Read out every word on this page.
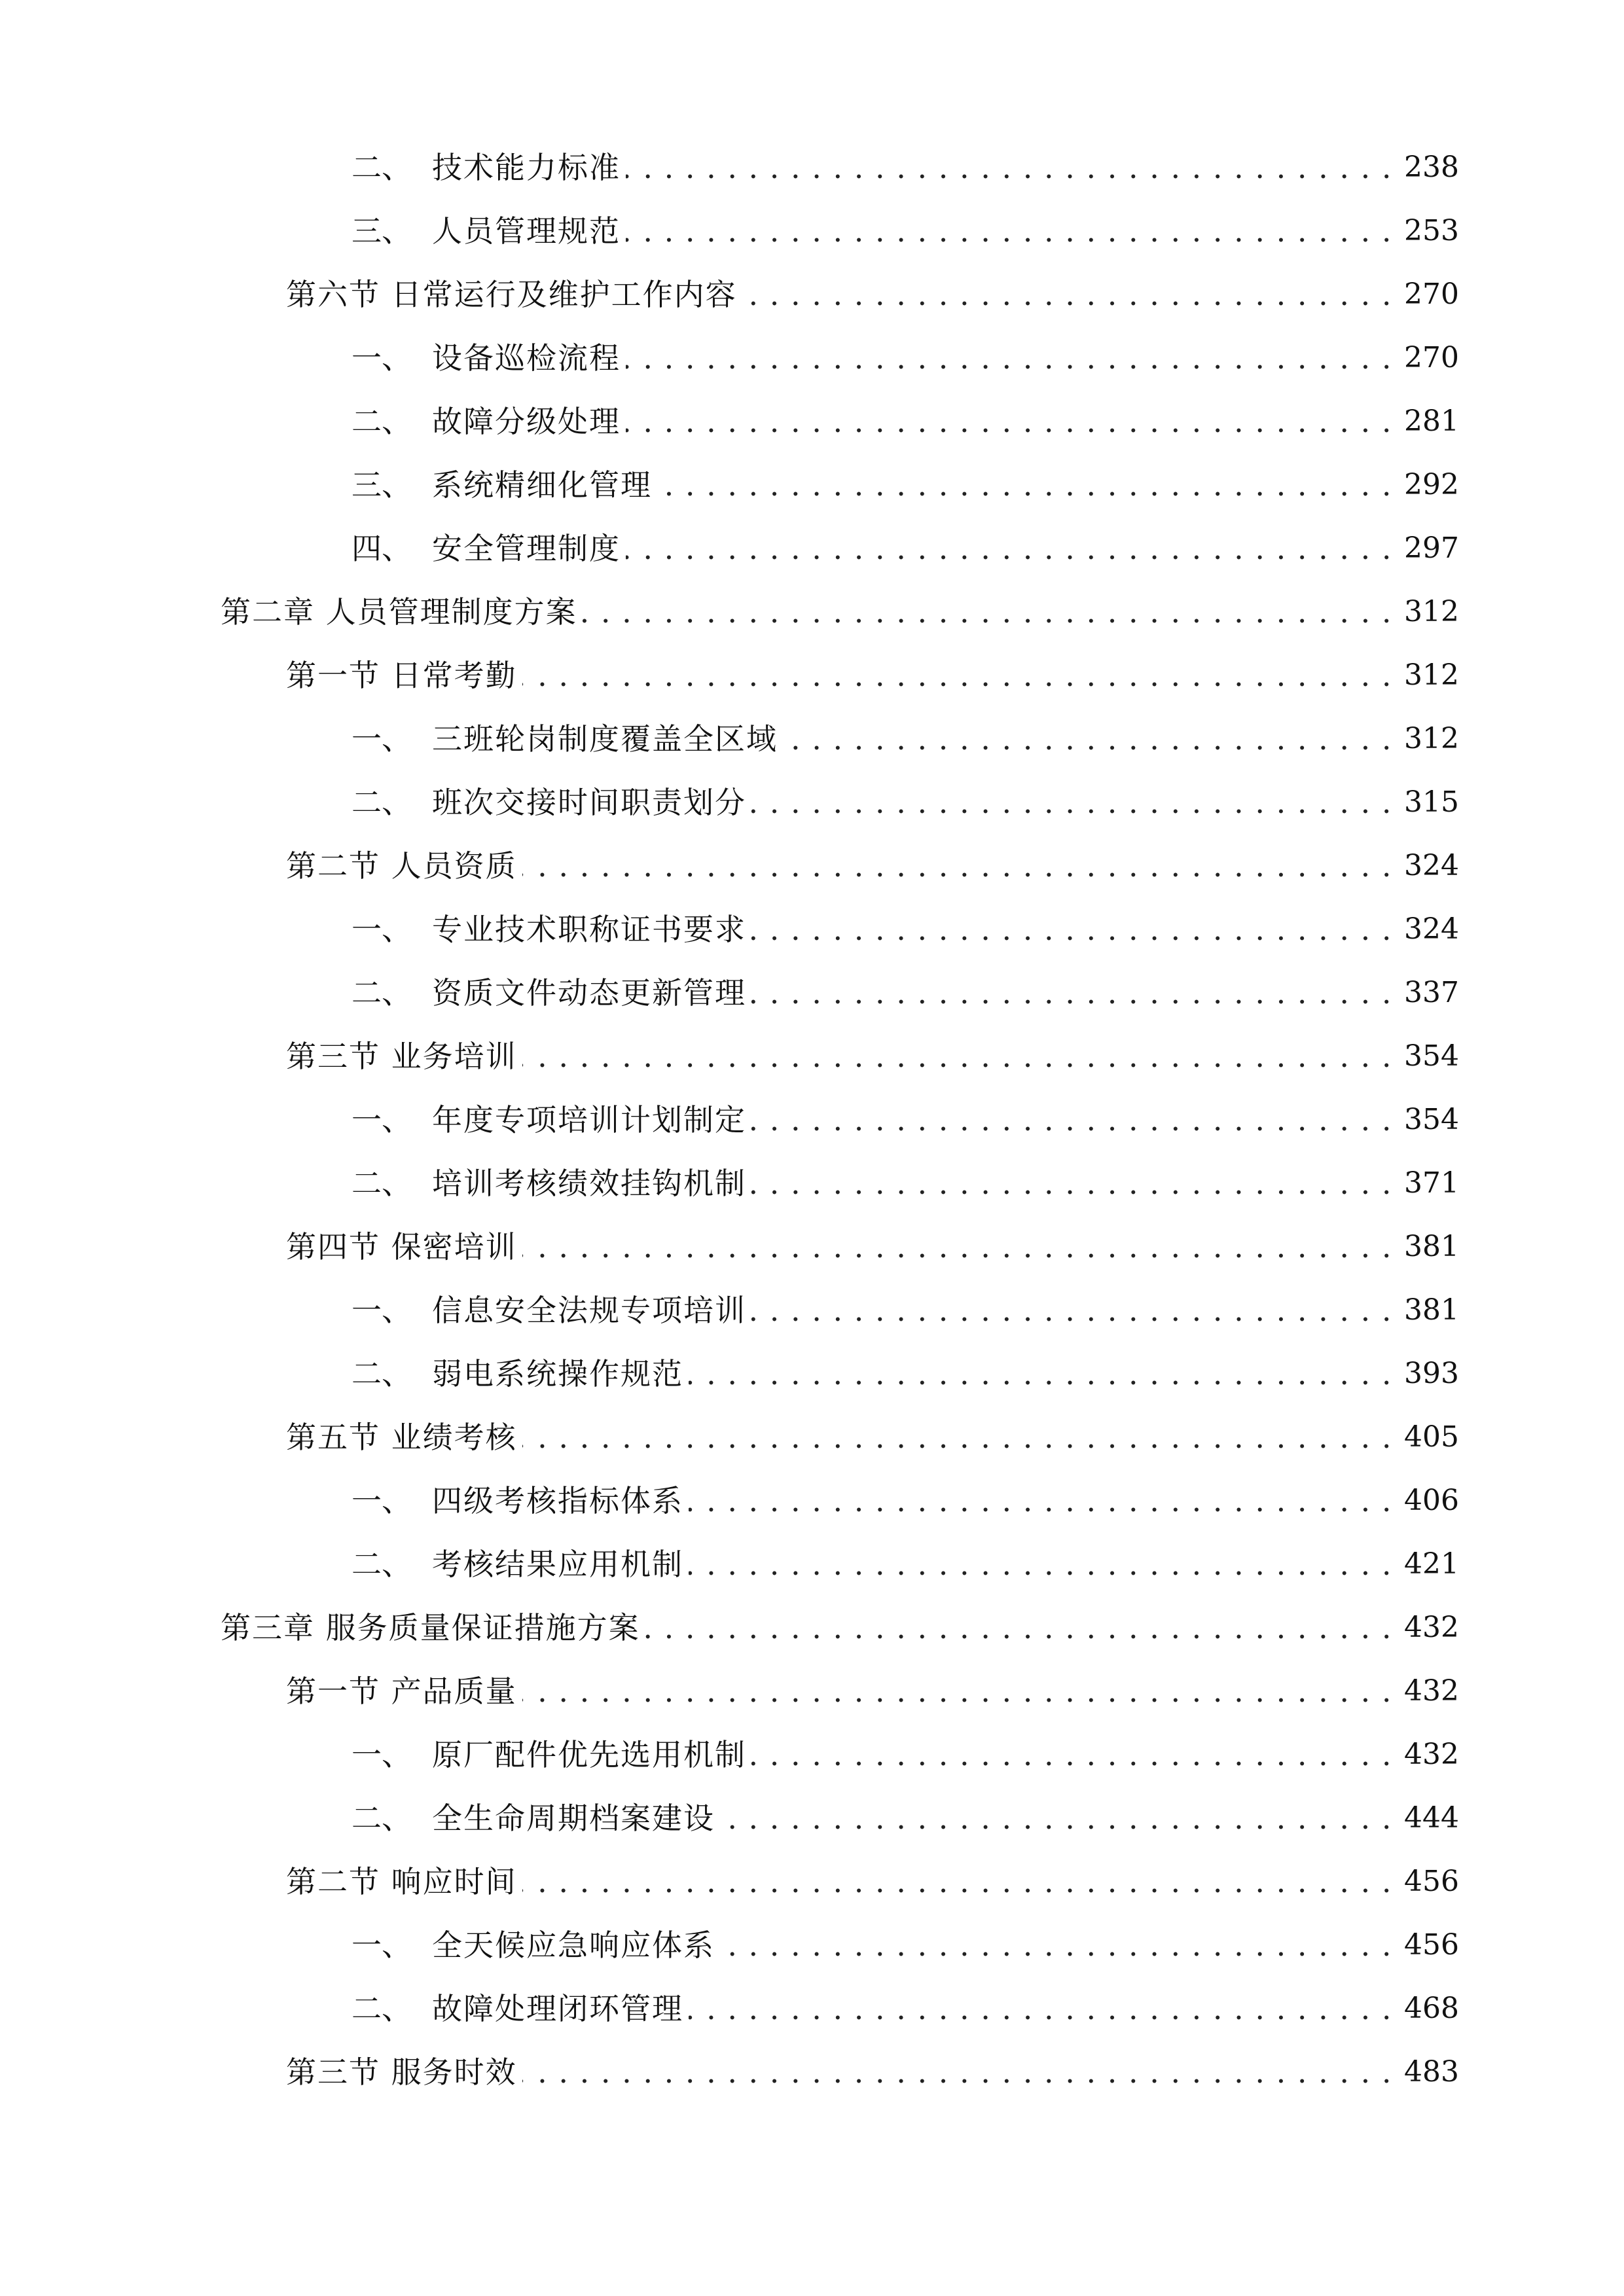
二、 技术能力标准 . . .	238
三、 人员管理规范 . . .	253
第六节 日常运行及维护工作内容 . . .	270
一、 设备巡检流程 . . .	270
二、 故障分级处理 . . .	281
三、 系统精细化管理 . . .	292
四、 安全管理制度 . . .	297
第二章 人员管理制度方案 . . .	312
第一节 日常考勤 . . .	312
一、 三班轮岗制度覆盖全区域 . . .	312
二、 班次交接时间职责划分 . . .	315
第二节 人员资质 . . .	324
一、 专业技术职称证书要求 . . .	324
二、 资质文件动态更新管理 . . .	337
第三节 业务培训 . . .	354
一、 年度专项培训计划制定 . . .	354
二、 培训考核绩效挂钩机制 . . .	371
第四节 保密培训 . . .	381
一、 信息安全法规专项培训 . . .	381
二、 弱电系统操作规范 . . .	393
第五节 业绩考核 . . .	405
一、 四级考核指标体系 . . .	406
二、 考核结果应用机制 . . .	421
第三章 服务质量保证措施方案 . . .	432
第一节 产品质量 . . .	432
一、 原厂配件优先选用机制 . . .	432
二、 全生命周期档案建设 . . .	444
第二节 响应时间 . . .	456
一、 全天候应急响应体系 . . .	456
二、 故障处理闭环管理 . . .	468
第三节 服务时效 . . .	483
